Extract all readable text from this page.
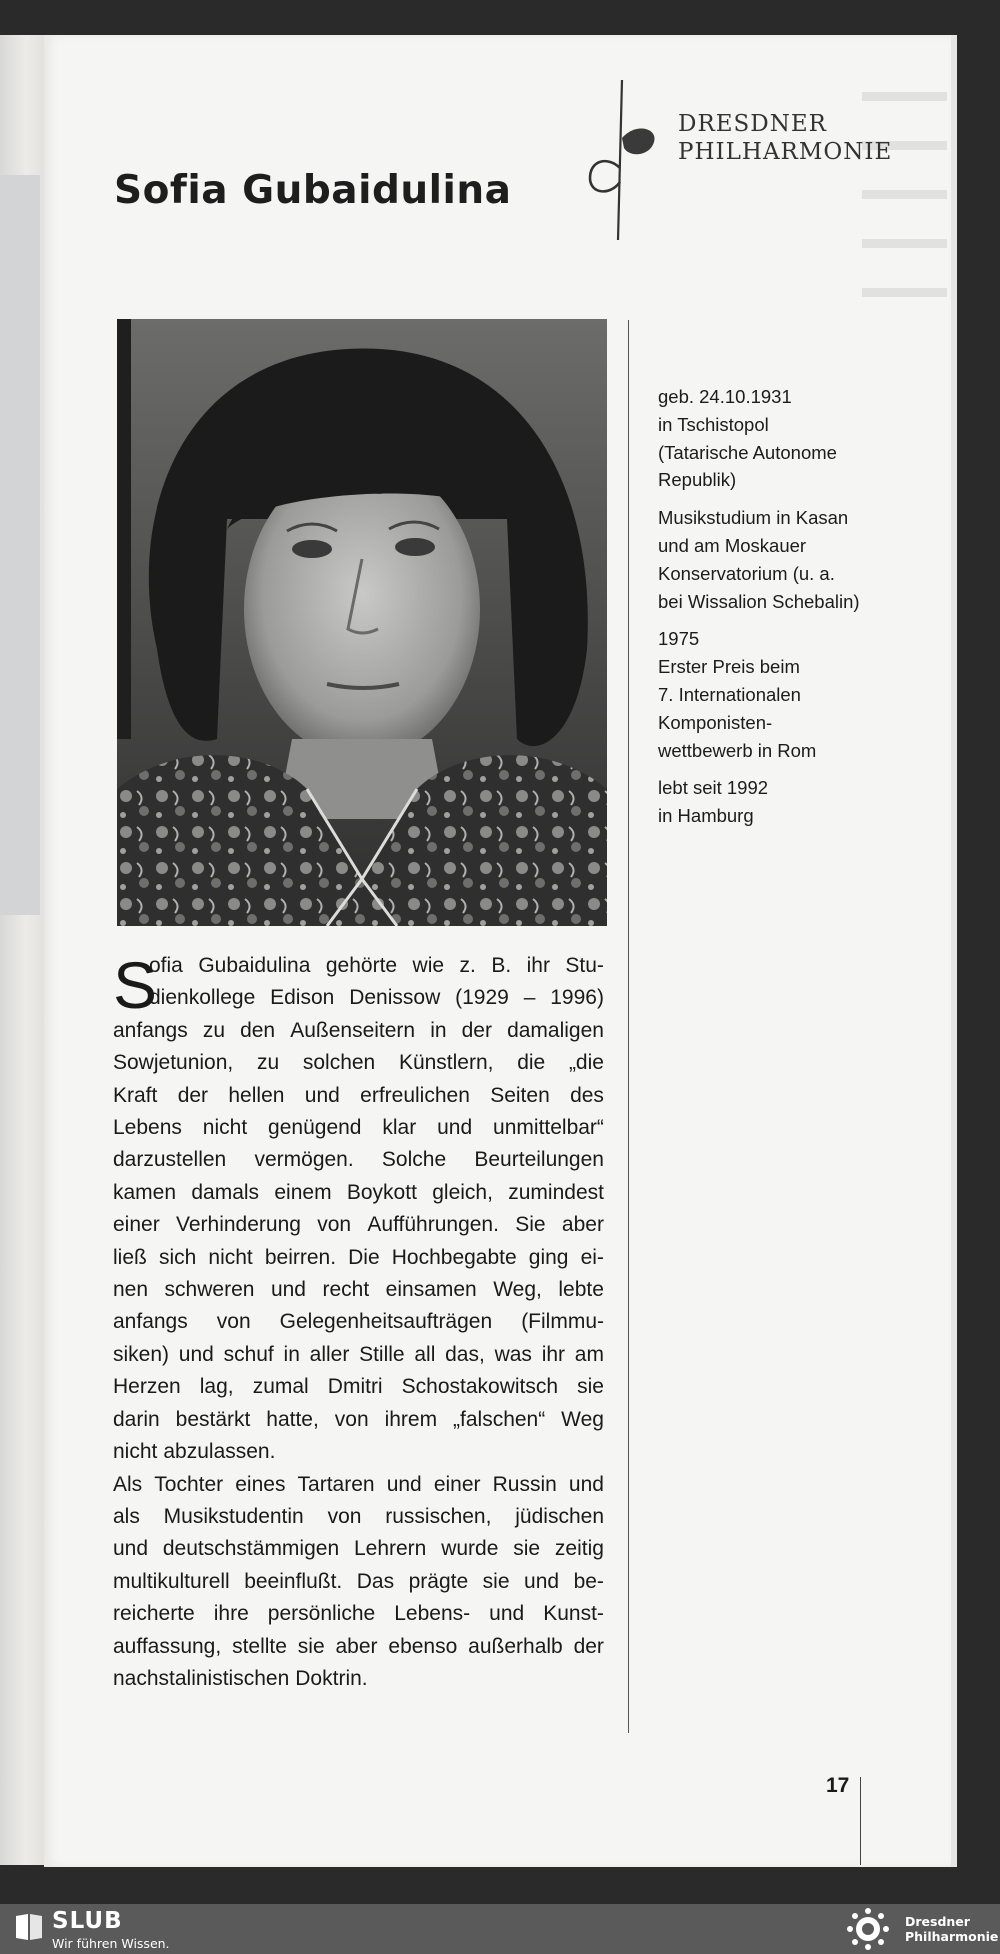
DRESDNER
PHILHARMONIE
Sofia Gubaidulina
geb. 24.10.1931
in Tschistopol
(Tatarische Autonome
Republik)
Musikstudium in Kasan
und am Moskauer
Konservatorium (u. a.
bei Wissalion Schebalin)
1975
Erster Preis beim
7. Internationalen
Komponisten-
wettbewerb in Rom
lebt seit 1992
in Hamburg
S
ofia Gubaidulina gehörte wie z. B. ihr Stu-
dienkollege Edison Denissow (1929 – 1996)
anfangs zu den Außenseitern in der damaligen
Sowjetunion, zu solchen Künstlern, die „die
Kraft der hellen und erfreulichen Seiten des
Lebens nicht genügend klar und unmittelbar“
darzustellen vermögen. Solche Beurteilungen
kamen damals einem Boykott gleich, zumindest
einer Verhinderung von Aufführungen. Sie aber
ließ sich nicht beirren. Die Hochbegabte ging ei-
nen schweren und recht einsamen Weg, lebte
anfangs von Gelegenheitsaufträgen (Filmmu-
siken) und schuf in aller Stille all das, was ihr am
Herzen lag, zumal Dmitri Schostakowitsch sie
darin bestärkt hatte, von ihrem „falschen“ Weg
nicht abzulassen.
Als Tochter eines Tartaren und einer Russin und
als Musikstudentin von russischen, jüdischen
und deutschstämmigen Lehrern wurde sie zeitig
multikulturell beeinflußt. Das prägte sie und be-
reicherte ihre persönliche Lebens- und Kunst-
auffassung, stellte sie aber ebenso außerhalb der
nachstalinistischen Doktrin.
17
SLUB
Wir führen Wissen.
Dresdner
Philharmonie
